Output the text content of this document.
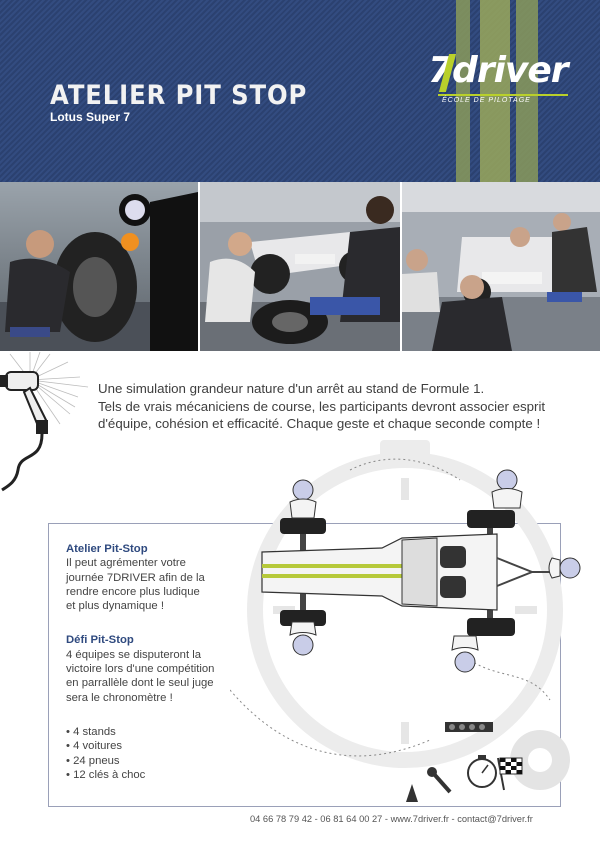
ATELIER PIT STOP
Lotus Super 7
7driver
ÉCOLE DE PILOTAGE

Une simulation grandeur nature d'un arrêt au stand de Formule 1.

Tels de vrais mécaniciens de course, les participants devront associer esprit

d'équipe, cohésion et efficacité. Chaque geste et chaque seconde compte !

Atelier Pit-Stop

Il peut agrémenter votre

journée 7DRIVER afin de la

rendre encore plus ludique

et plus dynamique !

Défi Pit-Stop

4 équipes se disputeront la

victoire lors d'une compétition

en parrallèle dont le seul juge

sera le chronomètre !

• 4 stands
• 4 voitures
• 24 pneus
• 12 clés à choc
04 66 78 79 42 - 06 81 64 00 27 - www.7driver.fr - contact@7driver.fr
